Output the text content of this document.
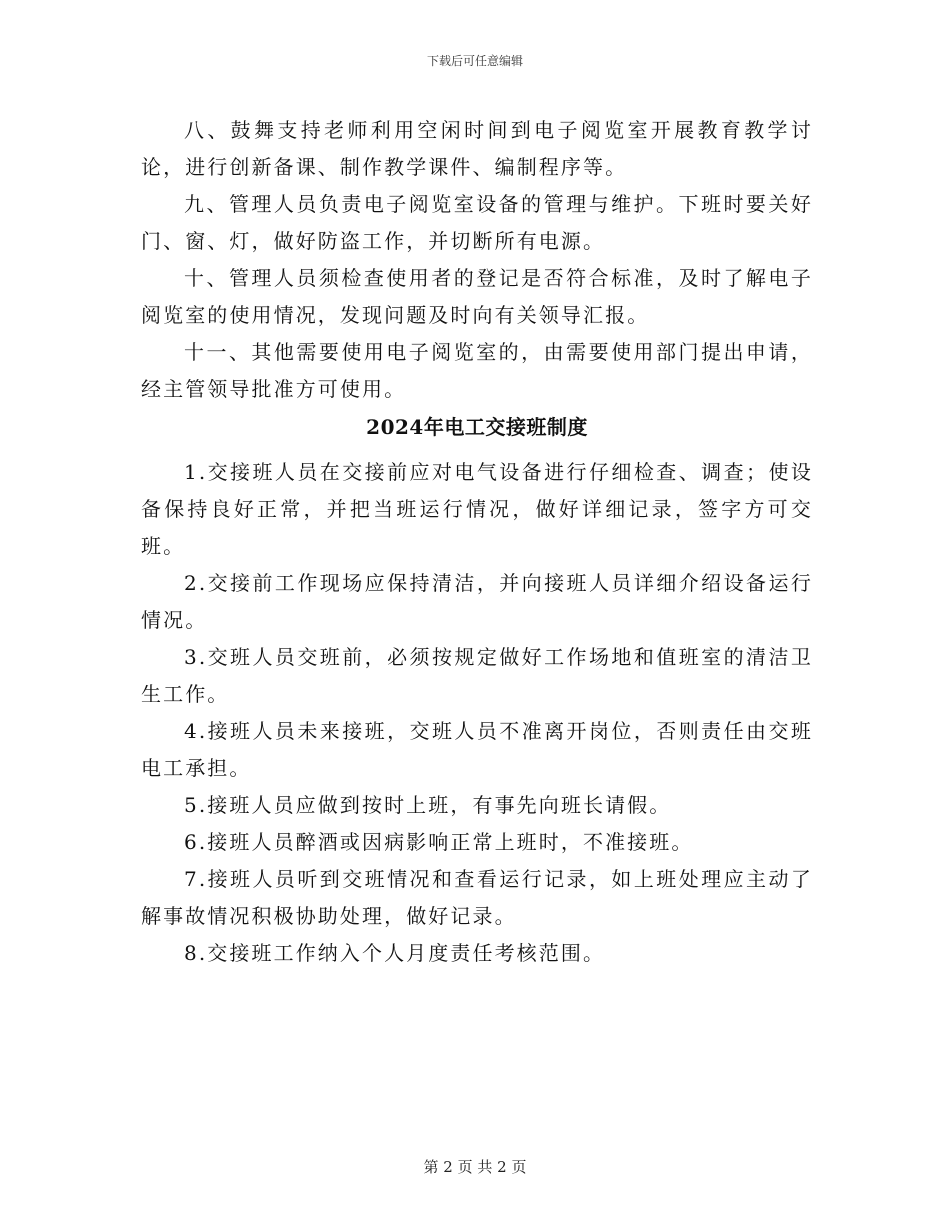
下载后可任意编辑

八、鼓舞支持老师利用空闲时间到电子阅览室开展教育教学讨论，进行创新备课、制作教学课件、编制程序等。

九、管理人员负责电子阅览室设备的管理与维护。下班时要关好门、窗、灯，做好防盗工作，并切断所有电源。

十、管理人员须检查使用者的登记是否符合标准，及时了解电子阅览室的使用情况，发现问题及时向有关领导汇报。

十一、其他需要使用电子阅览室的，由需要使用部门提出申请，经主管领导批准方可使用。

2024年电工交接班制度

1.交接班人员在交接前应对电气设备进行仔细检查、调查；使设备保持良好正常，并把当班运行情况，做好详细记录，签字方可交班。

2.交接前工作现场应保持清洁，并向接班人员详细介绍设备运行情况。

3.交班人员交班前，必须按规定做好工作场地和值班室的清洁卫生工作。

4.接班人员未来接班，交班人员不准离开岗位，否则责任由交班电工承担。

5.接班人员应做到按时上班，有事先向班长请假。

6.接班人员醉酒或因病影响正常上班时，不准接班。

7.接班人员听到交班情况和查看运行记录，如上班处理应主动了解事故情况积极协助处理，做好记录。

8.交接班工作纳入个人月度责任考核范围。

第 2 页 共 2 页
